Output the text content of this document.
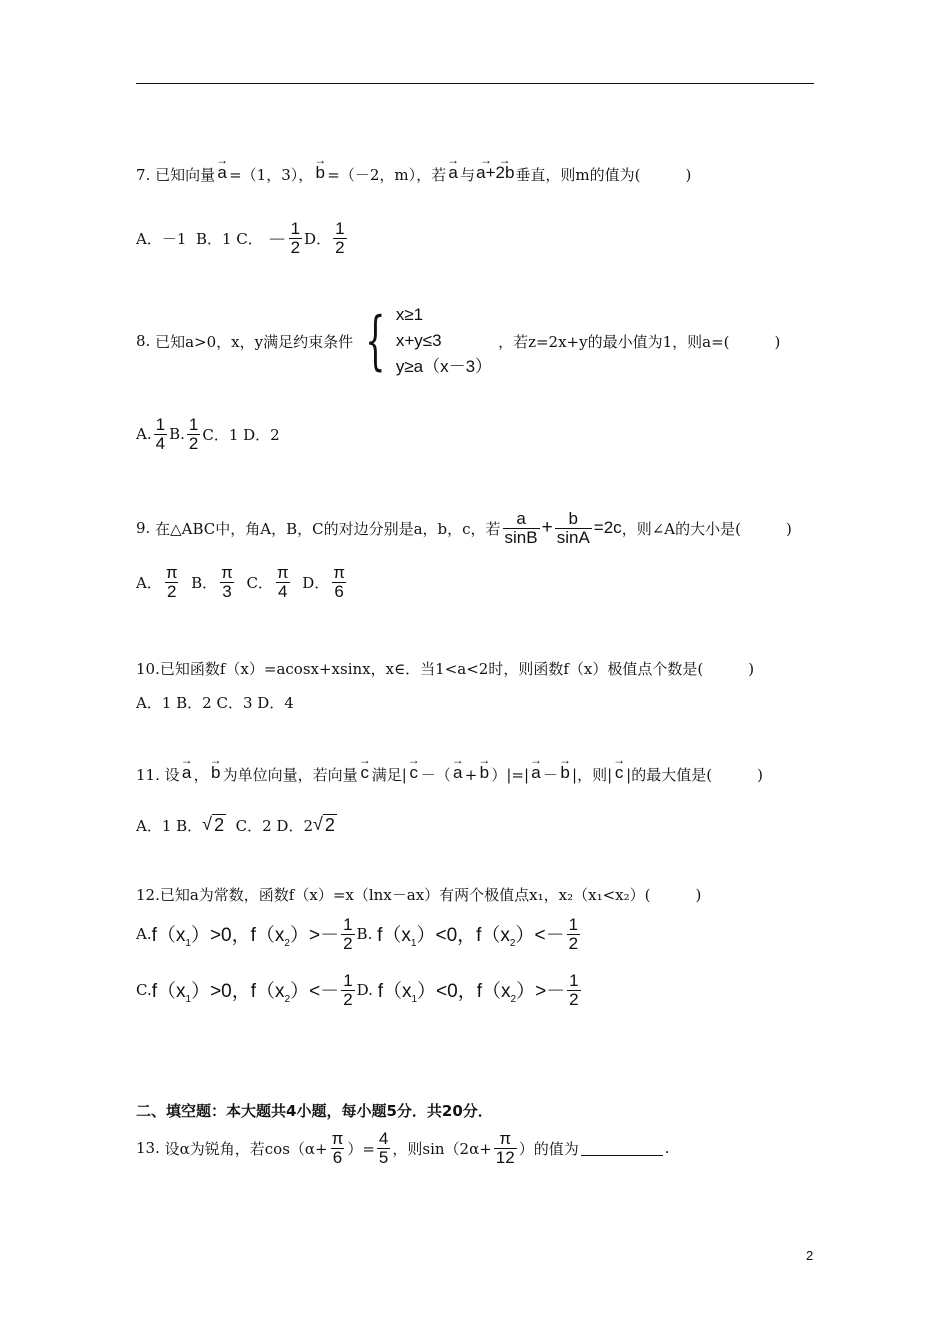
7.
已知向量
→
a =（1，3），
→
b =（－2，m），若
→
a 与
→  →
a+2b 垂直，则m的值为(　　　)
A．－1
B．1
C．
－ $\frac{1}{2}$ D． $\frac{1}{2}$
8.
已知a>0，x，y满足约束条件 { x≥1
x+y≤3
y≥a（x－3）
，若z=2x+y的最小值为1，则a=(　　　)
A. $\frac{1}{4} B$. $\frac{1}{2}$ C．1 D．2
9.
在△ABC中，角A，B，C的对边分别是a，b，c，若 $\frac{a}{\sin B} + \frac{b}{\sin A} =2c$ ，则∠A的大小是(　　　)
A． $\frac{\pi}{2}$
B． $\frac{\pi}{3}$
C． $\frac{\pi}{4}$
D． $\frac{\pi}{6}$
10. 已知函数f（x）=acosx+xsinx，x∈．当1<a<2时，则函数f（x）极值点个数是(　　　)
A．1 B．2 C．3 D．4
11.
设
→
a ，
→
b 为单位向量，若向量
→
c 满足|
→
c －（
→
a +
→
b ）|=|
→
a －
→
b |，则|
→
c |的最大值是(　　　)
A．1 B． √ 2
C．2 D．2 √ 2
12. 已知a为常数，函数f（x）=x（lnx－ax）有两个极值点x₁，x₂（x₁<x₂）(　　　)
A. $f(x_1)>0$，$f(x_2)>- \frac{1}{2} B$.
$f(x_1)<0$，$f(x_2)<- \frac{1}{2}$
C. $f(x_1)>0$，$f(x_2)<- \frac{1}{2} D$.
$f(x_1)<0$，$f(x_2)>- \frac{1}{2}$
二、填空题：本大题共4小题，每小题5分．共20分．
13.
设α为锐角，若$\cos(\alpha+ \frac{\pi}{6}$ ）= $\frac{4}{5}$ ，则$\sin(2\alpha+ \frac{\pi}{12}$ ）的值为	.
2
